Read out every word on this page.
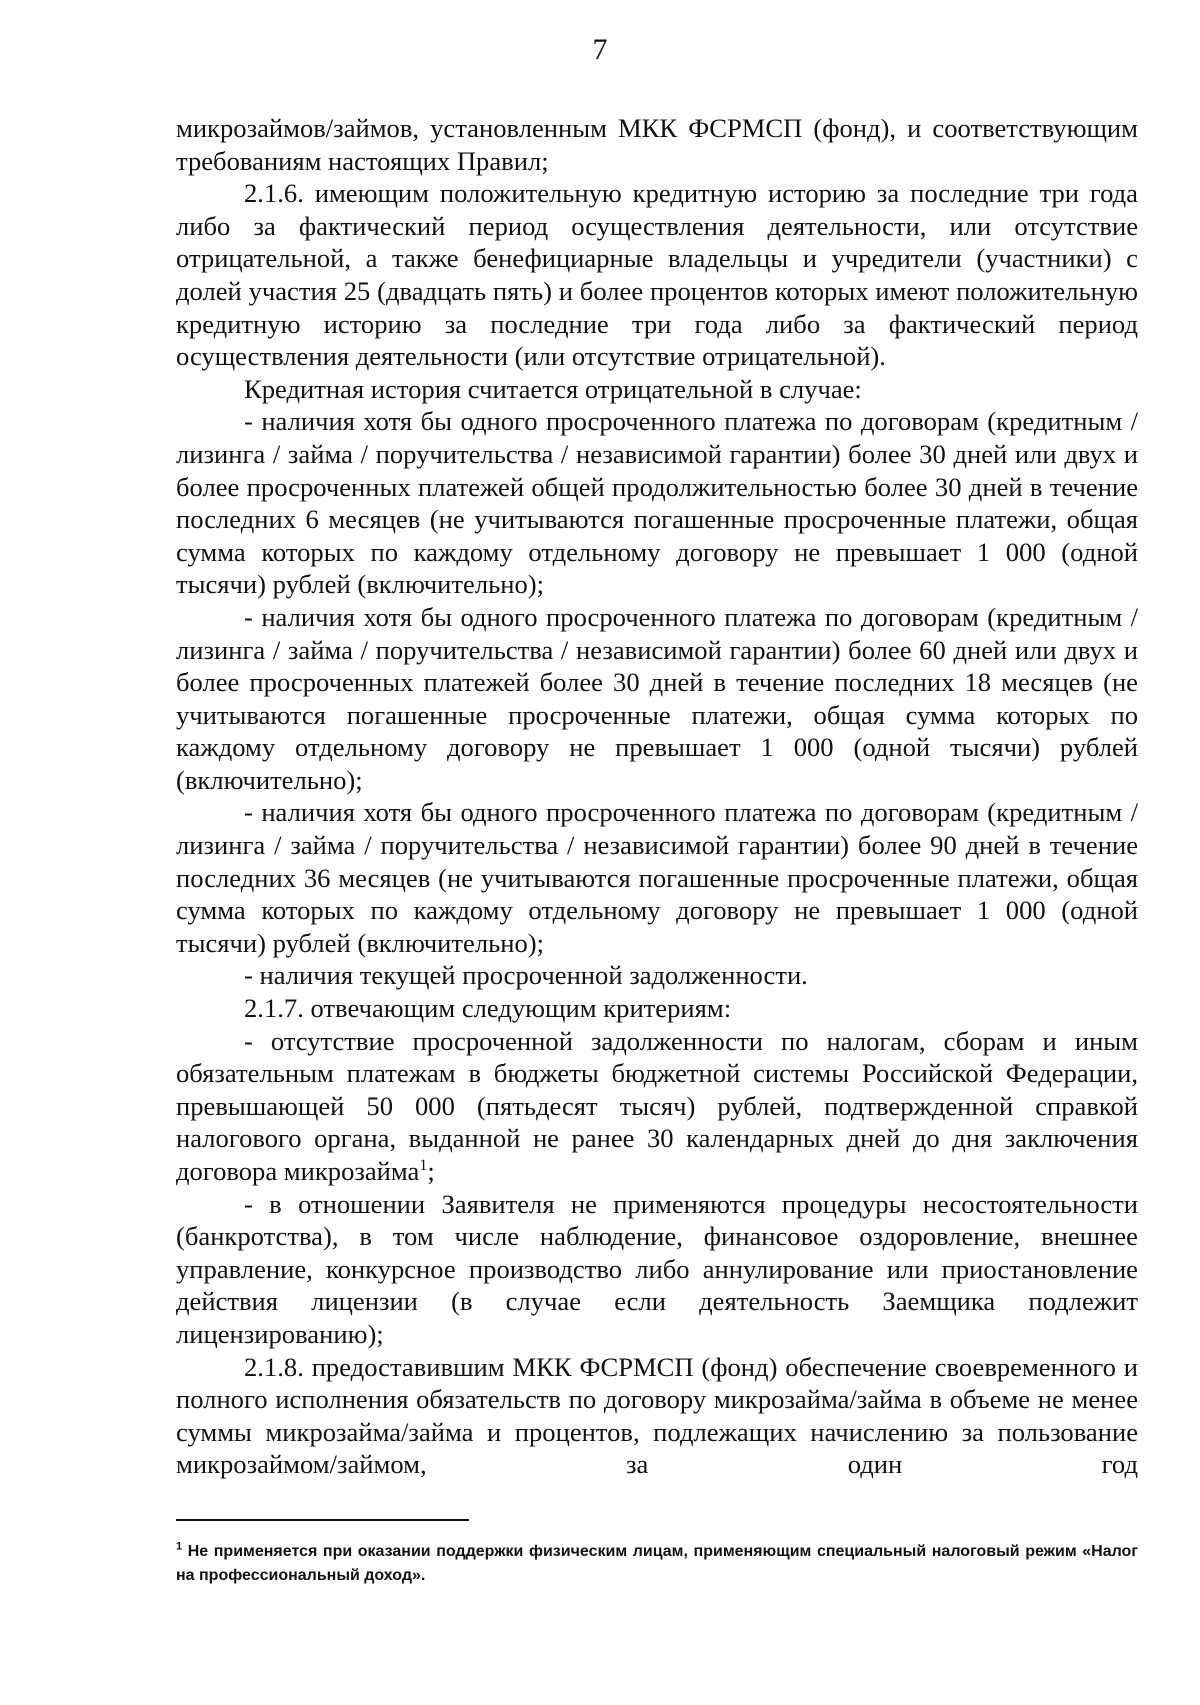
7

микрозаймов/займов, установленным МКК ФСРМСП (фонд), и соответствующим требованиям настоящих Правил;

2.1.6. имеющим положительную кредитную историю за последние три года либо за фактический период осуществления деятельности, или отсутствие отрицательной, а также бенефициарные владельцы и учредители (участники) с долей участия 25 (двадцать пять) и более процентов которых имеют положительную кредитную историю за последние три года либо за фактический период осуществления деятельности (или отсутствие отрицательной).

Кредитная история считается отрицательной в случае:

- наличия хотя бы одного просроченного платежа по договорам (кредитным / лизинга / займа / поручительства / независимой гарантии) более 30 дней или двух и более просроченных платежей общей продолжительностью более 30 дней в течение последних 6 месяцев (не учитываются погашенные просроченные платежи, общая сумма которых по каждому отдельному договору не превышает 1 000 (одной тысячи) рублей (включительно);

- наличия хотя бы одного просроченного платежа по договорам (кредитным / лизинга / займа / поручительства / независимой гарантии) более 60 дней или двух и более просроченных платежей более 30 дней в течение последних 18 месяцев (не учитываются погашенные просроченные платежи, общая сумма которых по каждому отдельному договору не превышает 1 000 (одной тысячи) рублей (включительно);

- наличия хотя бы одного просроченного платежа по договорам (кредитным / лизинга / займа / поручительства / независимой гарантии) более 90 дней в течение последних 36 месяцев (не учитываются погашенные просроченные платежи, общая сумма которых по каждому отдельному договору не превышает 1 000 (одной тысячи) рублей (включительно);

- наличия текущей просроченной задолженности.

2.1.7. отвечающим следующим критериям:

- отсутствие просроченной задолженности по налогам, сборам и иным обязательным платежам в бюджеты бюджетной системы Российской Федерации, превышающей 50 000 (пятьдесят тысяч) рублей, подтвержденной справкой налогового органа, выданной не ранее 30 календарных дней до дня заключения договора микрозайма$^1$;

- в отношении Заявителя не применяются процедуры несостоятельности (банкротства), в том числе наблюдение, финансовое оздоровление, внешнее управление, конкурсное производство либо аннулирование или приостановление действия лицензии (в случае если деятельность Заемщика подлежит лицензированию);

2.1.8. предоставившим МКК ФСРМСП (фонд) обеспечение своевременного и полного исполнения обязательств по договору микрозайма/займа в объеме не менее суммы микрозайма/займа и процентов, подлежащих начислению за пользование микрозаймом/займом, за один год

$^1$ Не применяется при оказании поддержки физическим лицам, применяющим специальный налоговый режим «Налог на профессиональный доход».
